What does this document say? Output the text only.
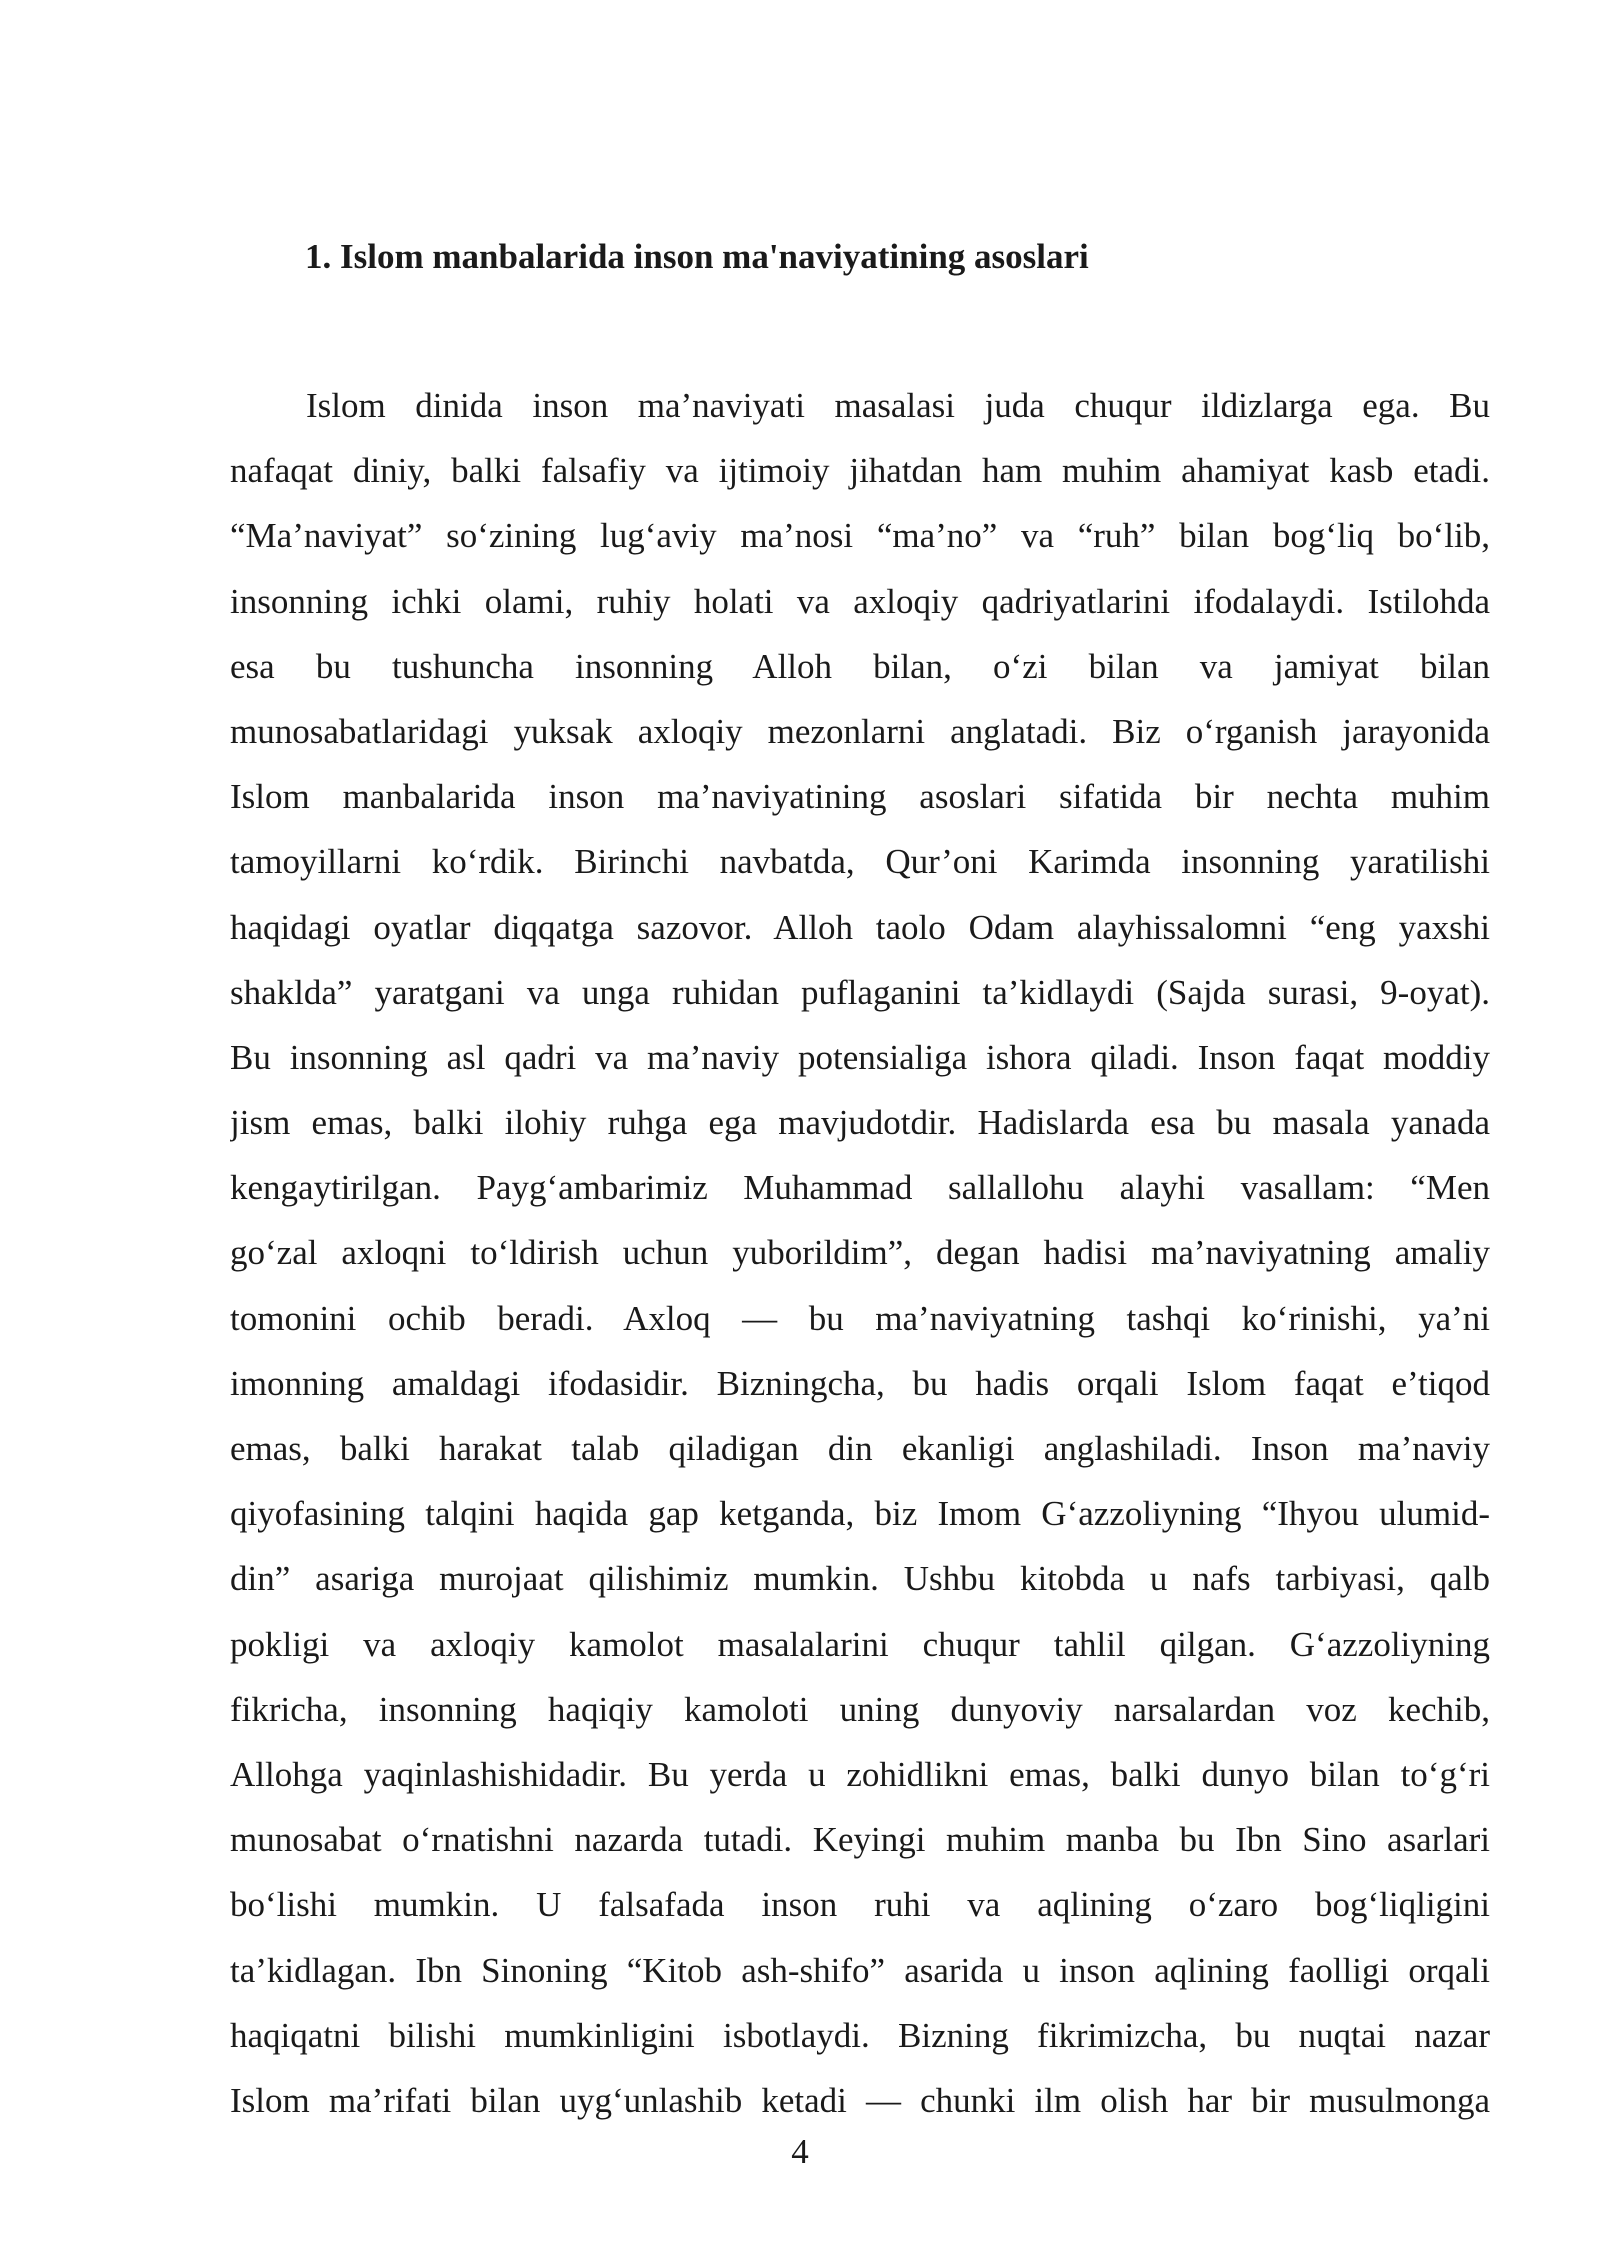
1. Islom manbalarida inson ma'naviyatining asoslari
Islom dinida inson ma’naviyati masalasi juda chuqur ildizlarga ega. Bu
nafaqat diniy, balki falsafiy va ijtimoiy jihatdan ham muhim ahamiyat kasb etadi.
“Ma’naviyat” so‘zining lug‘aviy ma’nosi “ma’no” va “ruh” bilan bog‘liq bo‘lib,
insonning ichki olami, ruhiy holati va axloqiy qadriyatlarini ifodalaydi. Istilohda
esa bu tushuncha insonning Alloh bilan, o‘zi bilan va jamiyat bilan
munosabatlaridagi yuksak axloqiy mezonlarni anglatadi. Biz o‘rganish jarayonida
Islom manbalarida inson ma’naviyatining asoslari sifatida bir nechta muhim
tamoyillarni ko‘rdik. Birinchi navbatda, Qur’oni Karimda insonning yaratilishi
haqidagi oyatlar diqqatga sazovor. Alloh taolo Odam alayhissalomni “eng yaxshi
shaklda” yaratgani va unga ruhidan puflaganini ta’kidlaydi (Sajda surasi, 9-oyat).
Bu insonning asl qadri va ma’naviy potensialiga ishora qiladi. Inson faqat moddiy
jism emas, balki ilohiy ruhga ega mavjudotdir. Hadislarda esa bu masala yanada
kengaytirilgan. Payg‘ambarimiz Muhammad sallallohu alayhi vasallam: “Men
go‘zal axloqni to‘ldirish uchun yuborildim”, degan hadisi ma’naviyatning amaliy
tomonini ochib beradi. Axloq — bu ma’naviyatning tashqi ko‘rinishi, ya’ni
imonning amaldagi ifodasidir. Bizningcha, bu hadis orqali Islom faqat e’tiqod
emas, balki harakat talab qiladigan din ekanligi anglashiladi. Inson ma’naviy
qiyofasining talqini haqida gap ketganda, biz Imom G‘azzoliyning “Ihyou ulumid-
din” asariga murojaat qilishimiz mumkin. Ushbu kitobda u nafs tarbiyasi, qalb
pokligi va axloqiy kamolot masalalarini chuqur tahlil qilgan. G‘azzoliyning
fikricha, insonning haqiqiy kamoloti uning dunyoviy narsalardan voz kechib,
Allohga yaqinlashishidadir. Bu yerda u zohidlikni emas, balki dunyo bilan to‘g‘ri
munosabat o‘rnatishni nazarda tutadi. Keyingi muhim manba bu Ibn Sino asarlari
bo‘lishi mumkin. U falsafada inson ruhi va aqlining o‘zaro bog‘liqligini
ta’kidlagan. Ibn Sinoning “Kitob ash-shifo” asarida u inson aqlining faolligi orqali
haqiqatni bilishi mumkinligini isbotlaydi. Bizning fikrimizcha, bu nuqtai nazar
Islom ma’rifati bilan uyg‘unlashib ketadi — chunki ilm olish har bir musulmonga
4
